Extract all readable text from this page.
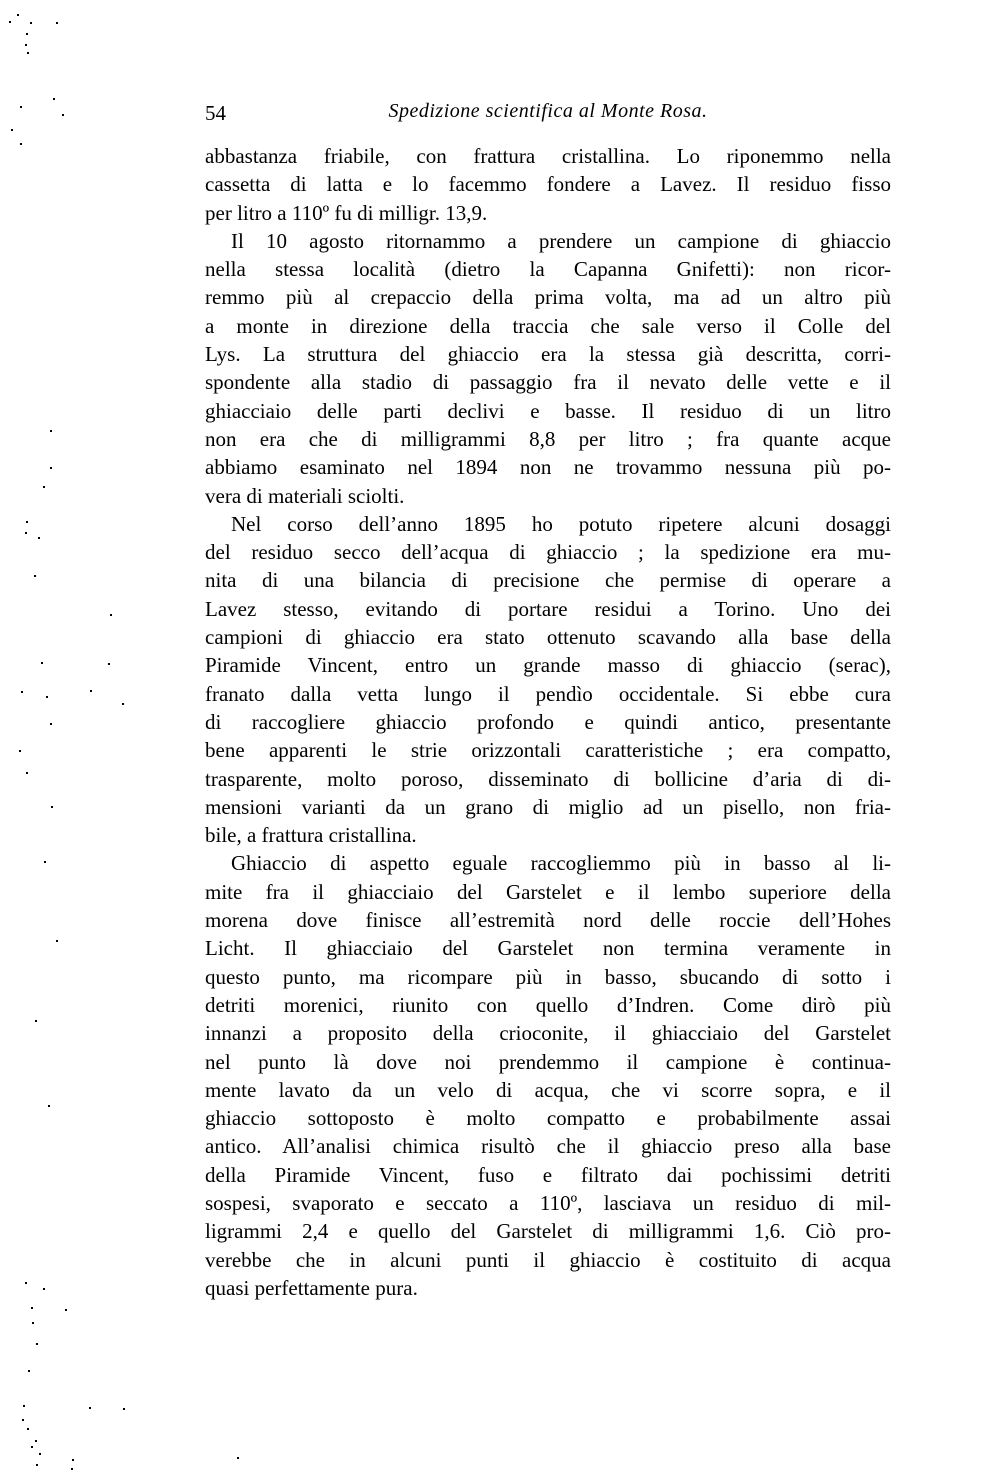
54	Spedizione scientifica al Monte Rosa.

abbastanza friabile, con frattura cristallina. Lo riponemmo nella
cassetta di latta e lo facemmo fondere a Lavez. Il residuo fisso
per litro a 110º fu di milligr. 13,9.

Il 10 agosto ritornammo a prendere un campione di ghiaccio
nella stessa località (dietro la Capanna Gnifetti): non ricor-
remmo più al crepaccio della prima volta, ma ad un altro più
a monte in direzione della traccia che sale verso il Colle del
Lys. La struttura del ghiaccio era la stessa già descritta, corri-
spondente alla stadio di passaggio fra il nevato delle vette e il
ghiacciaio delle parti declivi e basse. Il residuo di un litro
non era che di milligrammi 8,8 per litro ; fra quante acque
abbiamo esaminato nel 1894 non ne trovammo nessuna più po-
vera di materiali sciolti.

Nel corso dell’anno 1895 ho potuto ripetere alcuni dosaggi
del residuo secco dell’acqua di ghiaccio ; la spedizione era mu-
nita di una bilancia di precisione che permise di operare a
Lavez stesso, evitando di portare residui a Torino. Uno dei
campioni di ghiaccio era stato ottenuto scavando alla base della
Piramide Vincent, entro un grande masso di ghiaccio (serac),
franato dalla vetta lungo il pendìo occidentale. Si ebbe cura
di raccogliere ghiaccio profondo e quindi antico, presentante
bene apparenti le strie orizzontali caratteristiche ; era compatto,
trasparente, molto poroso, disseminato di bollicine d’aria di di-
mensioni varianti da un grano di miglio ad un pisello, non fria-
bile, a frattura cristallina.

Ghiaccio di aspetto eguale raccogliemmo più in basso al li-
mite fra il ghiacciaio del Garstelet e il lembo superiore della
morena dove finisce all’estremità nord delle roccie dell’Hohes
Licht. Il ghiacciaio del Garstelet non termina veramente in
questo punto, ma ricompare più in basso, sbucando di sotto i
detriti morenici, riunito con quello d’Indren. Come dirò più
innanzi a proposito della crioconite, il ghiacciaio del Garstelet
nel punto là dove noi prendemmo il campione è continua-
mente lavato da un velo di acqua, che vi scorre sopra, e il
ghiaccio sottoposto è molto compatto e probabilmente assai
antico. All’analisi chimica risultò che il ghiaccio preso alla base
della Piramide Vincent, fuso e filtrato dai pochissimi detriti
sospesi, svaporato e seccato a 110º, lasciava un residuo di mil-
ligrammi 2,4 e quello del Garstelet di milligrammi 1,6. Ciò pro-
verebbe che in alcuni punti il ghiaccio è costituito di acqua
quasi perfettamente pura.
